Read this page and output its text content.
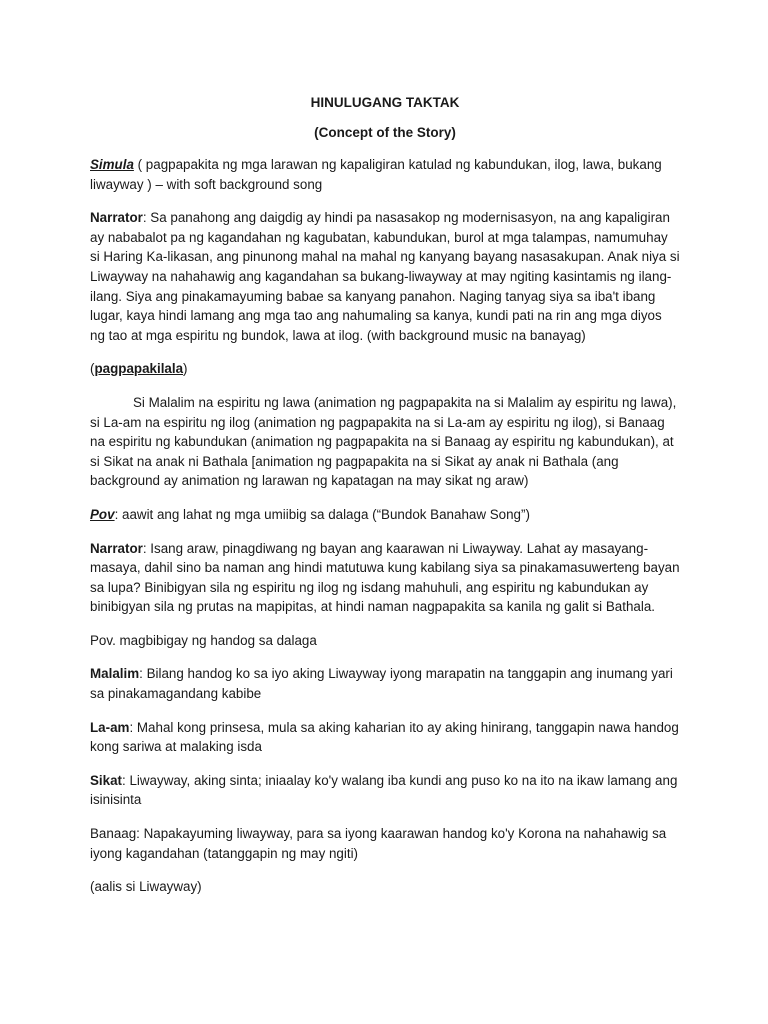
HINULUGANG TAKTAK
(Concept of the Story)

Simula ( pagpapakita ng mga larawan ng kapaligiran katulad ng kabundukan, ilog, lawa, bukang liwayway ) – with soft background song

Narrator: Sa panahong ang daigdig ay hindi pa nasasakop ng modernisasyon, na ang kapaligiran ay nababalot pa ng kagandahan ng kagubatan, kabundukan, burol at mga talampas, namumuhay si Haring Ka-likasan, ang pinunong mahal na mahal ng kanyang bayang nasasakupan. Anak niya si Liwayway na nahahawig ang kagandahan sa bukang-liwayway at may ngiting kasintamis ng ilang-ilang. Siya ang pinakamayuming babae sa kanyang panahon. Naging tanyag siya sa iba't ibang lugar, kaya hindi lamang ang mga tao ang nahumaling sa kanya, kundi pati na rin ang mga diyos ng tao at mga espiritu ng bundok, lawa at ilog. (with background music na banayag)

(pagpapakilala)

Si Malalim na espiritu ng lawa (animation ng pagpapakita na si Malalim ay espiritu ng lawa), si La-am na espiritu ng ilog (animation ng pagpapakita na si La-am ay espiritu ng ilog), si Banaag na espiritu ng kabundukan (animation ng pagpapakita na si Banaag ay espiritu ng kabundukan), at si Sikat na anak ni Bathala [animation ng pagpapakita na si Sikat ay anak ni Bathala (ang background ay animation ng larawan ng kapatagan na may sikat ng araw)

Pov: aawit ang lahat ng mga umiibig sa dalaga (“Bundok Banahaw Song”)

Narrator: Isang araw, pinagdiwang ng bayan ang kaarawan ni Liwayway. Lahat ay masayang-masaya, dahil sino ba naman ang hindi matutuwa kung kabilang siya sa pinakamasuwerteng bayan sa lupa? Binibigyan sila ng espiritu ng ilog ng isdang mahuhuli, ang espiritu ng kabundukan ay binibigyan sila ng prutas na mapipitas, at hindi naman nagpapakita sa kanila ng galit si Bathala.

Pov. magbibigay ng handog sa dalaga

Malalim: Bilang handog ko sa iyo aking Liwayway iyong marapatin na tanggapin ang inumang yari sa pinakamagandang kabibe

La-am: Mahal kong prinsesa, mula sa aking kaharian ito ay aking hinirang, tanggapin nawa handog kong sariwa at malaking isda

Sikat: Liwayway, aking sinta; iniaalay ko'y walang iba kundi ang puso ko na ito na ikaw lamang ang isinisinta

Banaag: Napakayuming liwayway, para sa iyong kaarawan handog ko'y Korona na nahahawig sa iyong kagandahan (tatanggapin ng may ngiti)

(aalis si Liwayway)
